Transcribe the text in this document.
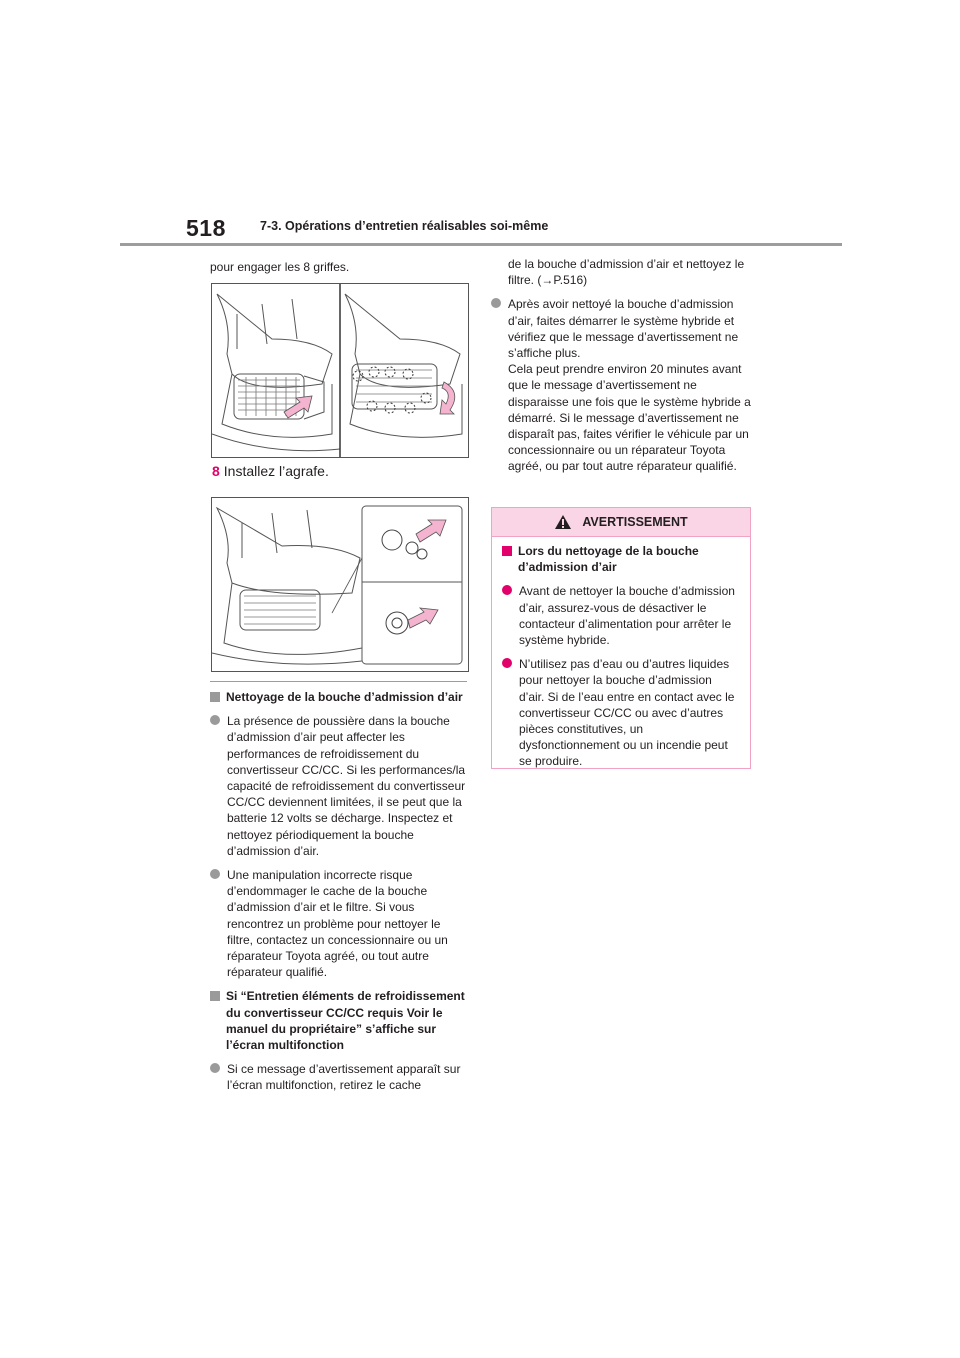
518	7-3. Opérations d’entretien réalisables soi-même
pour engager les 8 griffes.
8 Installez l’agrafe.
Nettoyage de la bouche d’admission d’air
La présence de poussière dans la bouche d’admission d’air peut affecter les performances de refroidissement du convertisseur CC/CC. Si les performances/la capacité de refroidissement du convertisseur CC/CC deviennent limitées, il se peut que la batterie 12 volts se décharge. Inspectez et nettoyez périodiquement la bouche d’admission d’air.
Une manipulation incorrecte risque d’endommager le cache de la bouche d’admission d’air et le filtre. Si vous rencontrez un problème pour nettoyer le filtre, contactez un concessionnaire ou un réparateur Toyota agréé, ou tout autre réparateur qualifié.
Si “Entretien éléments de refroidissement du convertisseur CC/CC requis Voir le manuel du propriétaire” s’affiche sur l’écran multifonction
Si ce message d’avertissement apparaît sur l’écran multifonction, retirez le cache
de la bouche d’admission d’air et nettoyez le filtre. (→P.516)

Après avoir nettoyé la bouche d’admission d’air, faites démarrer le système hybride et vérifiez que le message d’avertissement ne s’affiche plus.

Cela peut prendre environ 20 minutes avant que le message d’avertissement ne disparaisse une fois que le système hybride a démarré. Si le message d’avertissement ne disparaît pas, faites vérifier le véhicule par un concessionnaire ou un réparateur Toyota agréé, ou par tout autre réparateur qualifié.

AVERTISSEMENT
Lors du nettoyage de la bouche d’admission d’air
Avant de nettoyer la bouche d’admission d’air, assurez-vous de désactiver le contacteur d’alimentation pour arrêter le système hybride.
N’utilisez pas d’eau ou d’autres liquides pour nettoyer la bouche d’admission d’air. Si de l’eau entre en contact avec le convertisseur CC/CC ou avec d’autres pièces constitutives, un dysfonctionnement ou un incendie peut se produire.
